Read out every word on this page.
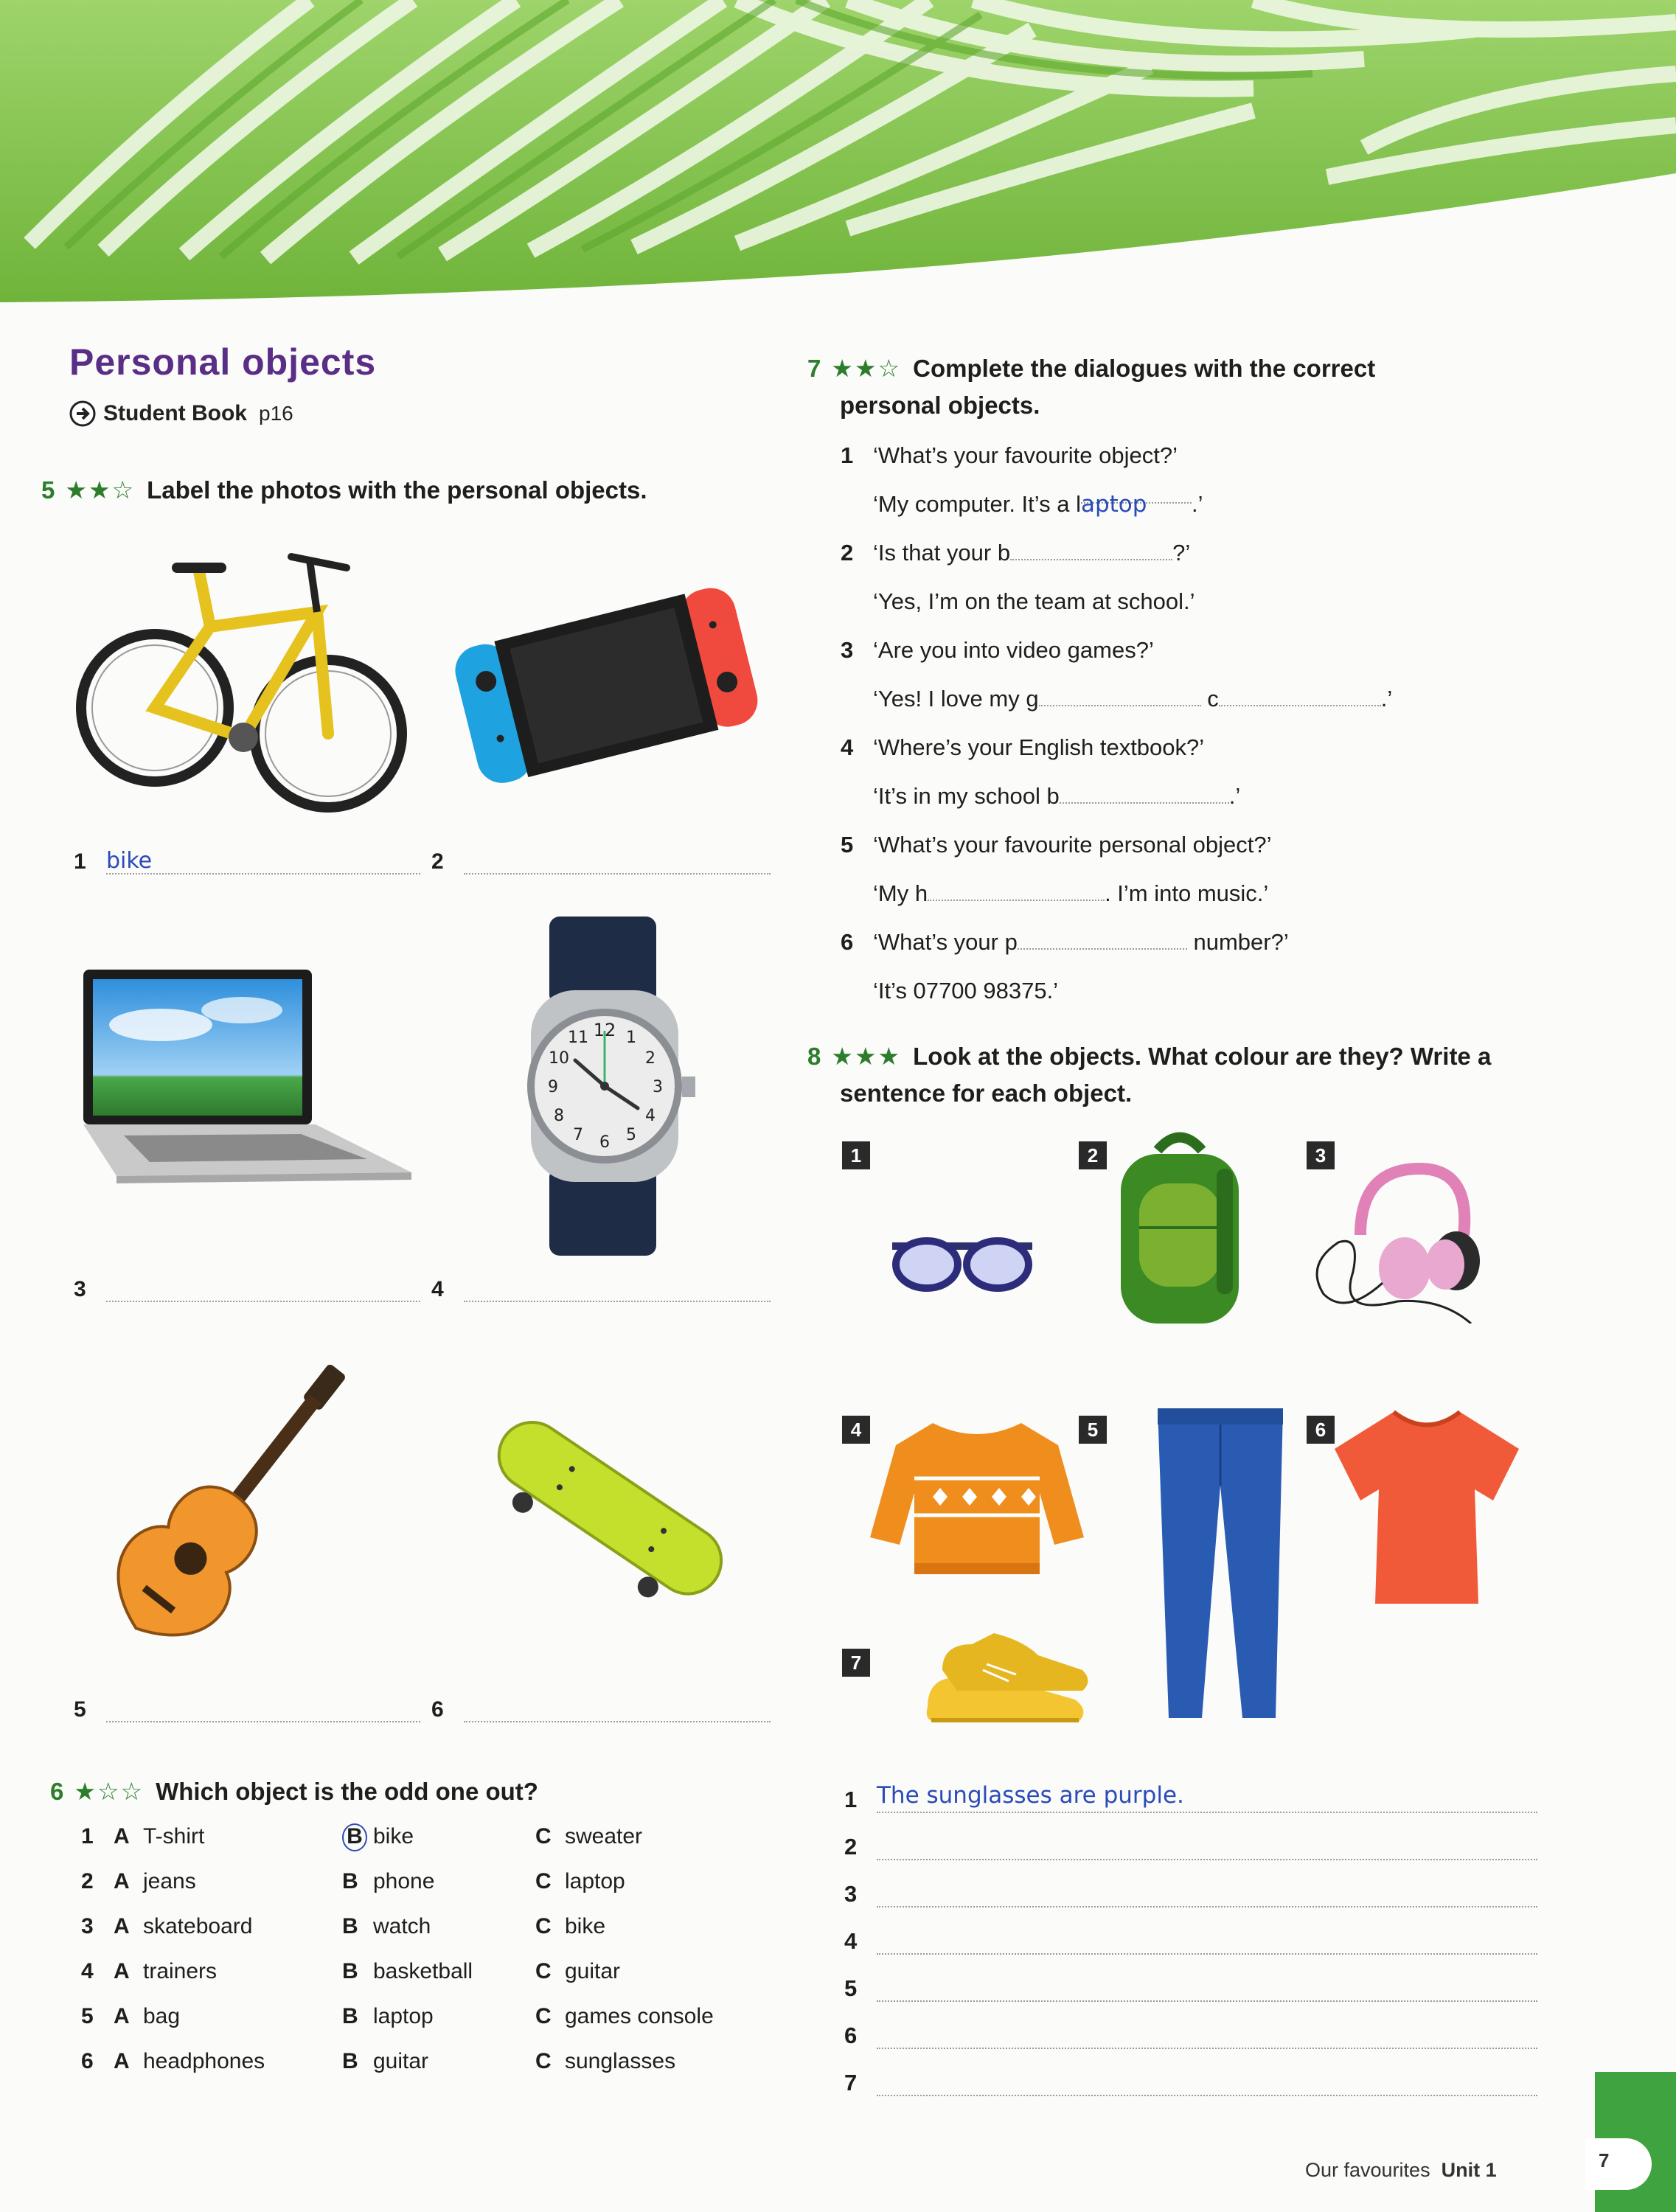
Personal objects
Student Book p16
5 ★★☆ Label the photos with the personal objects.
1 bike	2
12 1
2
3
4
5
6
7
8
9
10
11
3	4
5	6
6 ★☆☆ Which object is the odd one out?
1 A T-shirt	B bike	C sweater
2 A jeans	B phone	C laptop
3 A skateboard	B watch	C bike
4 A trainers	B basketball	C guitar
5 A bag	B laptop	C games console
6 A headphones	B guitar	C sunglasses
7 ★★☆ Complete the dialogues with the correct
personal objects.
1 ‘What’s your favourite object?’
‘My computer. It’s a laptop .’
2 ‘Is that your b	?’
‘Yes, I’m on the team at school.’
3 ‘Are you into video games?’
‘Yes! I love my g	c	.’
4 ‘Where’s your English textbook?’
‘It’s in my school b	.’
5 ‘What’s your favourite personal object?’
‘My h	. I’m into music.’
6 ‘What’s your p	number?’
‘It’s 07700 98375.’
8 ★★★ Look at the objects. What colour are they? Write a
sentence for each object.
1	2	3
4	5	6
7
1 The sunglasses are purple.
2
3
4
5
6
7
Our favourites Unit 1	7
